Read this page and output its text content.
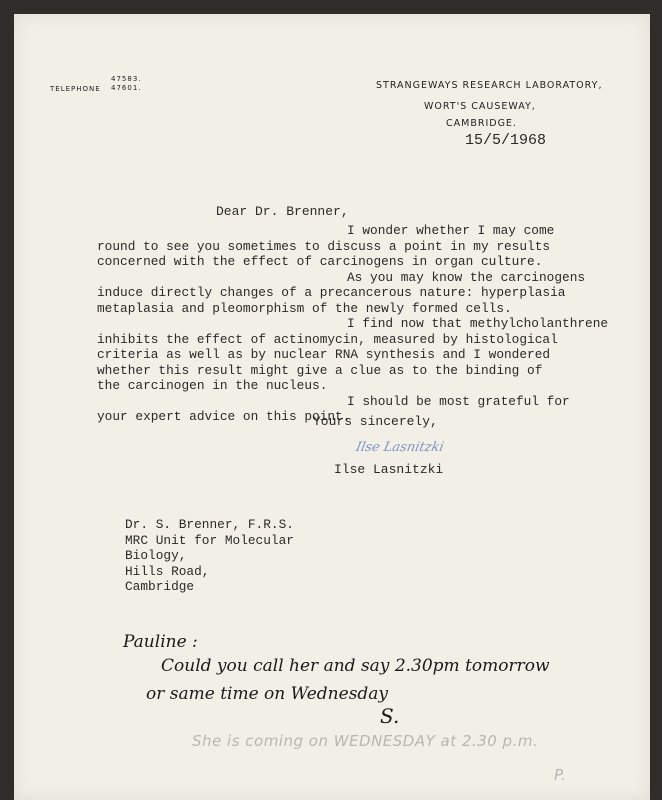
TELEPHONE
47583.
47601.	STRANGEWAYS RESEARCH LABORATORY,
WORT'S CAUSEWAY,
CAMBRIDGE.
15/5/1968
Dear Dr. Brenner,
I wonder whether I may come
round to see you sometimes to discuss a point in my results
concerned with the effect of carcinogens in organ culture.
As you may know the carcinogens
induce directly changes of a precancerous nature: hyperplasia
metaplasia and pleomorphism of the newly formed cells.
I find now that methylcholanthrene
inhibits the effect of actinomycin, measured by histological
criteria as well as by nuclear RNA synthesis and I wondered
whether this result might give a clue as to the binding of
the carcinogen in the nucleus.
I should be most grateful for
your expert advice on this point.
Yours sincerely,
Ilse Lasnitzki
Ilse Lasnitzki
Dr. S. Brenner, F.R.S.
MRC Unit for Molecular
Biology,
Hills Road,
Cambridge
Pauline :
Could you call her and say 2.30pm tomorrow
or same time on Wednesday
S.
She is coming on WEDNESDAY at 2.30 p.m.
P.
